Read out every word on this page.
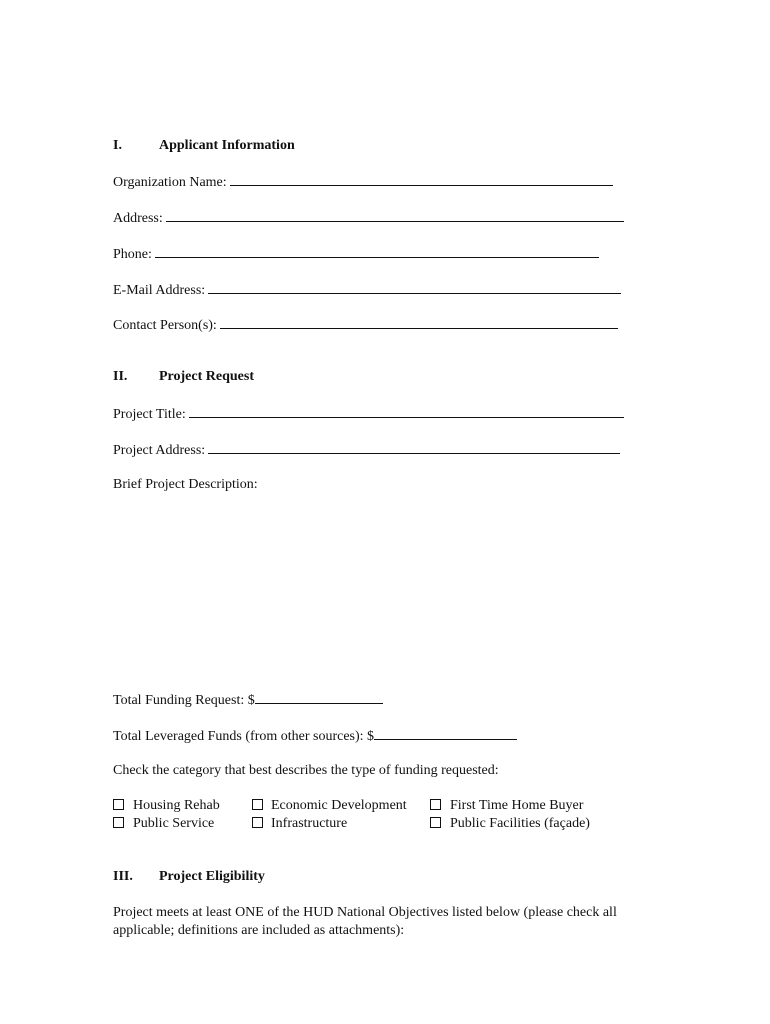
I.	Applicant Information
Organization Name:
Address:
Phone:
E-Mail Address:
Contact Person(s):
II. Project Request
Project Title:
Project Address:
Brief Project Description:
Total Funding Request: $
Total Leveraged Funds (from other sources): $
Check the category that best describes the type of funding requested:
Housing Rehab	Economic Development	First Time Home Buyer
Public Service	Infrastructure	Public Facilities (façade)
III. Project Eligibility
Project meets at least ONE of the HUD National Objectives listed below (please check all
applicable; definitions are included as attachments):
